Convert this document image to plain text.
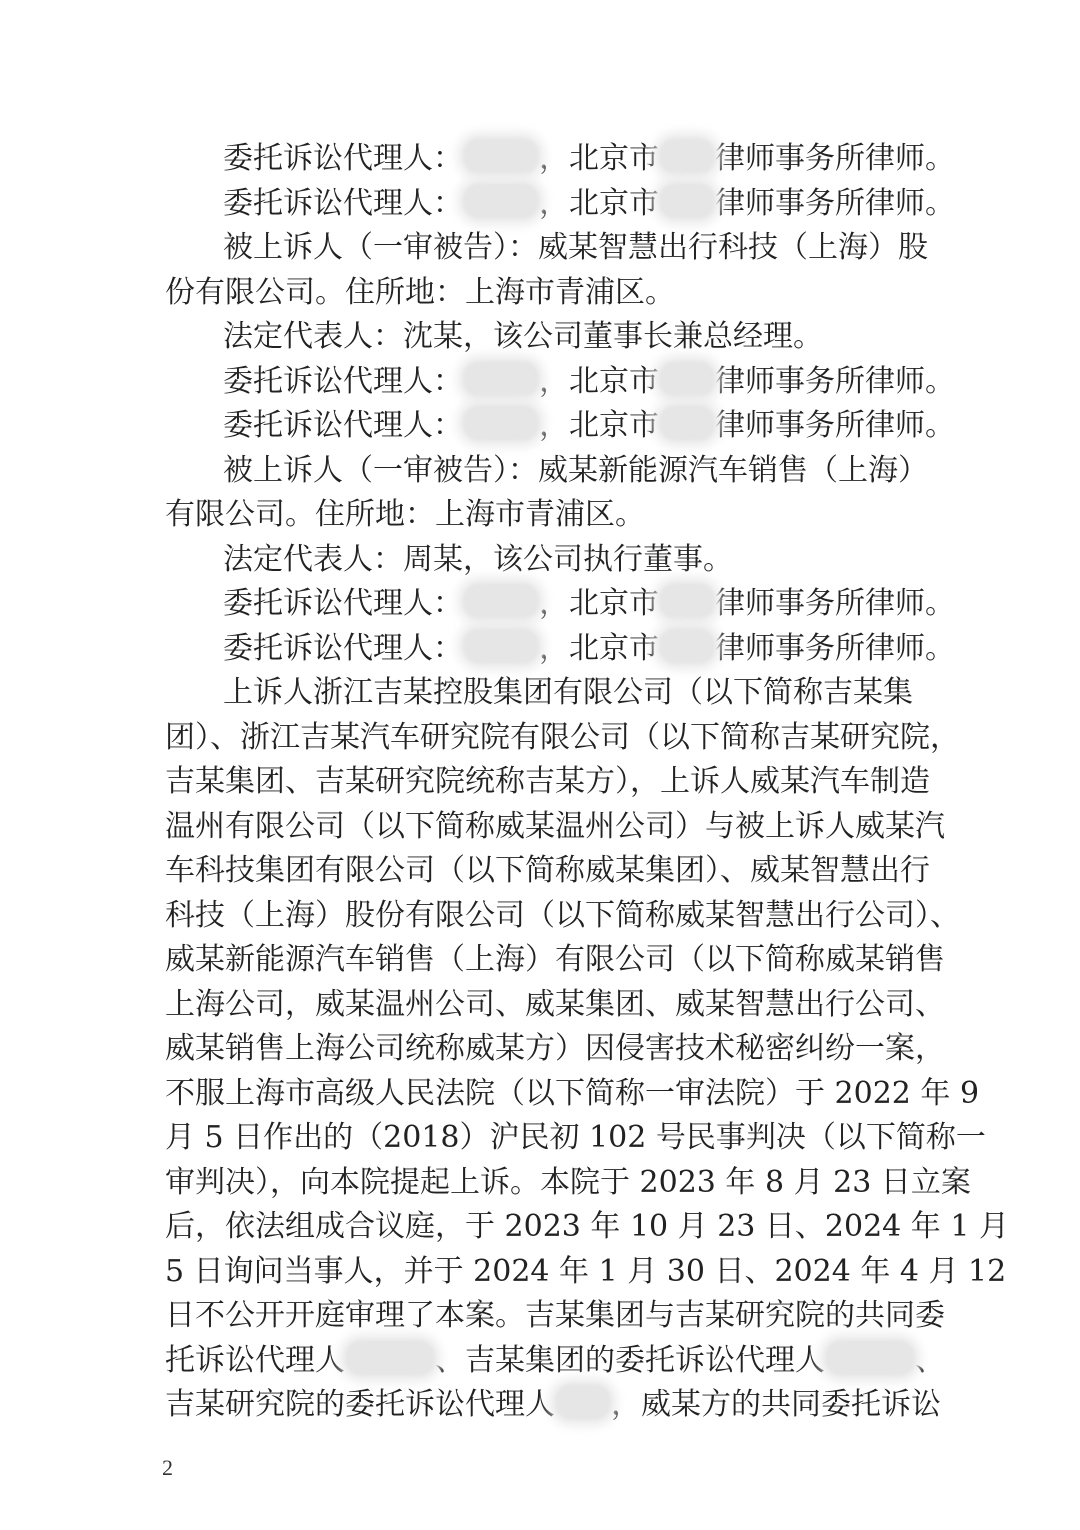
委托诉讼代理人：	，北京市 律师事务所律师。
委托诉讼代理人：	，北京市 律师事务所律师。
被上诉人（一审被告）：威某智慧出行科技（上海）股
份有限公司。住所地：上海市青浦区。
法定代表人：沈某，该公司董事长兼总经理。
委托诉讼代理人：	，北京市 律师事务所律师。
委托诉讼代理人：	，北京市 律师事务所律师。
被上诉人（一审被告）：威某新能源汽车销售（上海）
有限公司。住所地：上海市青浦区。
法定代表人：周某，该公司执行董事。
委托诉讼代理人：	，北京市 律师事务所律师。
委托诉讼代理人：	，北京市 律师事务所律师。
上诉人浙江吉某控股集团有限公司（以下简称吉某集
团）、浙江吉某汽车研究院有限公司（以下简称吉某研究院，
吉某集团、吉某研究院统称吉某方），上诉人威某汽车制造
温州有限公司（以下简称威某温州公司）与被上诉人威某汽
车科技集团有限公司（以下简称威某集团）、威某智慧出行
科技（上海）股份有限公司（以下简称威某智慧出行公司）、
威某新能源汽车销售（上海）有限公司（以下简称威某销售
上海公司，威某温州公司、威某集团、威某智慧出行公司、
威某销售上海公司统称威某方）因侵害技术秘密纠纷一案，
不服上海市高级人民法院（以下简称一审法院）于 2022 年 9
月 5 日作出的（2018）沪民初 102 号民事判决（以下简称一
审判决），向本院提起上诉。本院于 2023 年 8 月 23 日立案
后，依法组成合议庭，于 2023 年 10 月 23 日、2024 年 1 月
5 日询问当事人，并于 2024 年 1 月 30 日、2024 年 4 月 12
日不公开开庭审理了本案。吉某集团与吉某研究院的共同委
托诉讼代理人	、吉某集团的委托诉讼代理人	、
吉某研究院的委托诉讼代理人 ，威某方的共同委托诉讼
2
